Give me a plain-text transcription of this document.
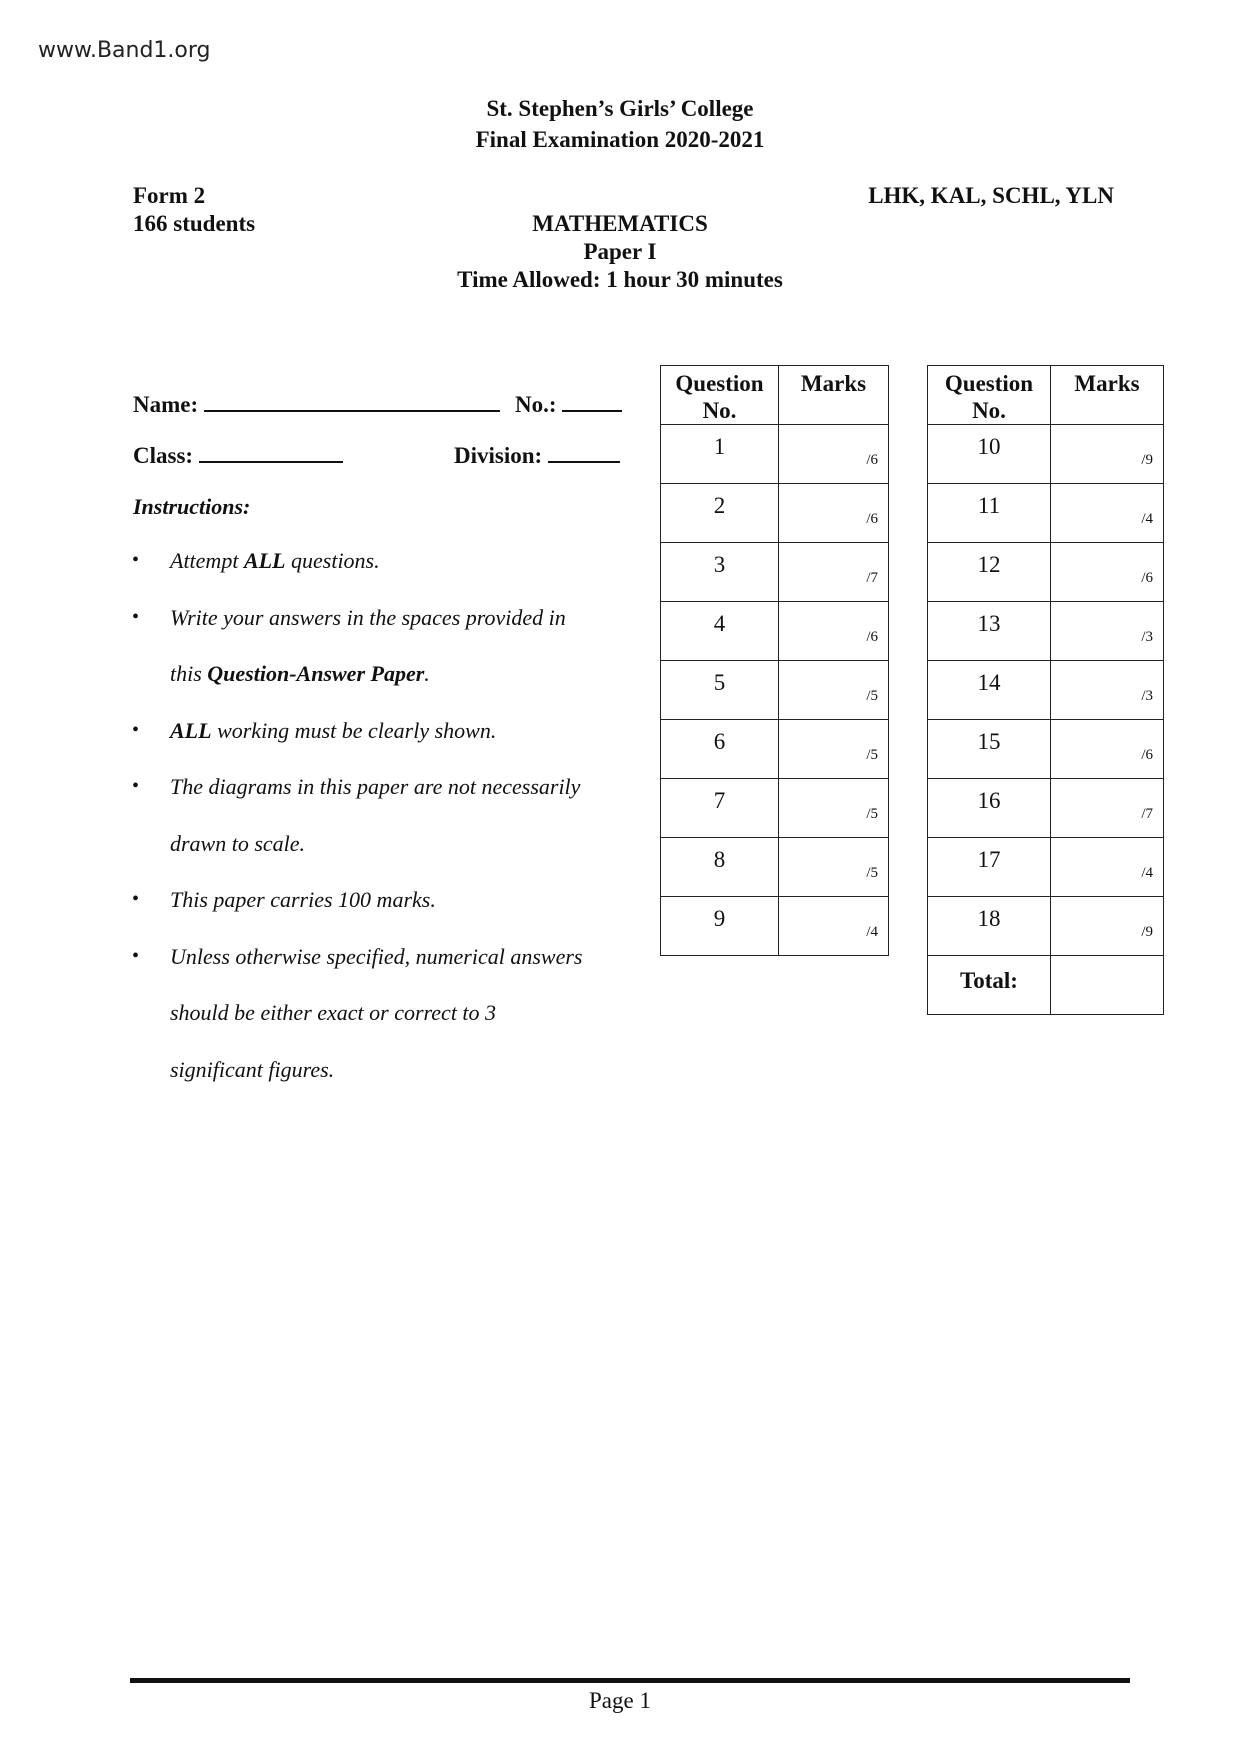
www.Band1.org
St. Stephen’s Girls’ College
Final Examination 2020-2021
Form 2
166 students
LHK, KAL, SCHL, YLN
MATHEMATICS
Paper I
Time Allowed: 1 hour 30 minutes
Name:	No.:
Class:	Division:
Instructions:
• Attempt ALL questions.
• Write your answers in the spaces provided in
this Question-Answer Paper.
• ALL working must be clearly shown.
• The diagrams in this paper are not necessarily
drawn to scale.
• This paper carries 100 marks.
• Unless otherwise specified, numerical answers
should be either exact or correct to 3
significant figures.
Question
No.	Marks

1	/6

2	/6

3	/7

4	/6

5	/5

6	/5

7	/5

8	/5

9	/4
Question
No.	Marks

10	/9

11	/4

12	/6

13	/3

14	/3

15	/6

16	/7

17	/4

18	/9

Total:	
Page 1
